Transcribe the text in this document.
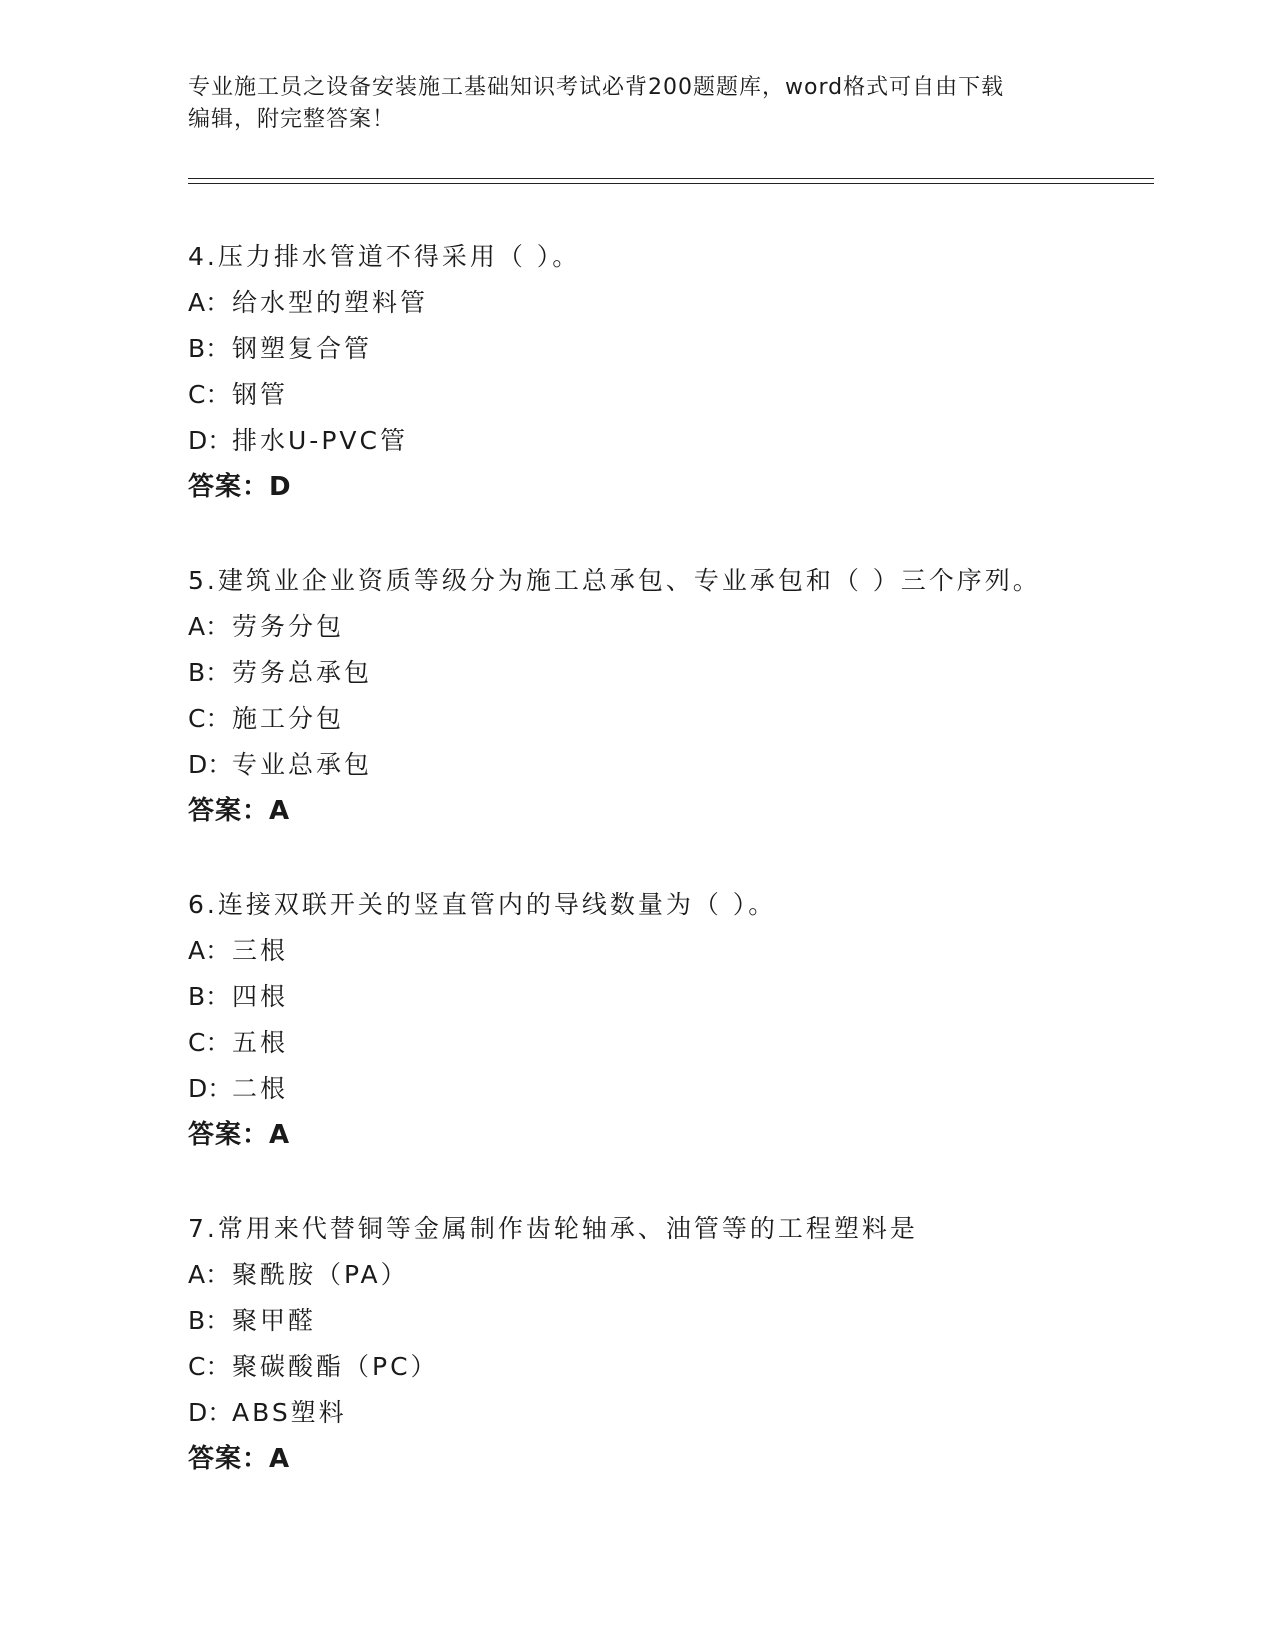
专业施工员之设备安装施工基础知识考试必背200题题库，word格式可自由下载
编辑，附完整答案！
4.压力排水管道不得采用（ ）。
A：给水型的塑料管
B：钢塑复合管
C：钢管
D：排水U-PVC管
答案：D
5.建筑业企业资质等级分为施工总承包、专业承包和（ ）三个序列。
A：劳务分包
B：劳务总承包
C：施工分包
D：专业总承包
答案：A
6.连接双联开关的竖直管内的导线数量为（ ）。
A：三根
B：四根
C：五根
D：二根
答案：A
7.常用来代替铜等金属制作齿轮轴承、油管等的工程塑料是
A：聚酰胺（PA）
B：聚甲醛
C：聚碳酸酯（PC）
D：ABS塑料
答案：A
